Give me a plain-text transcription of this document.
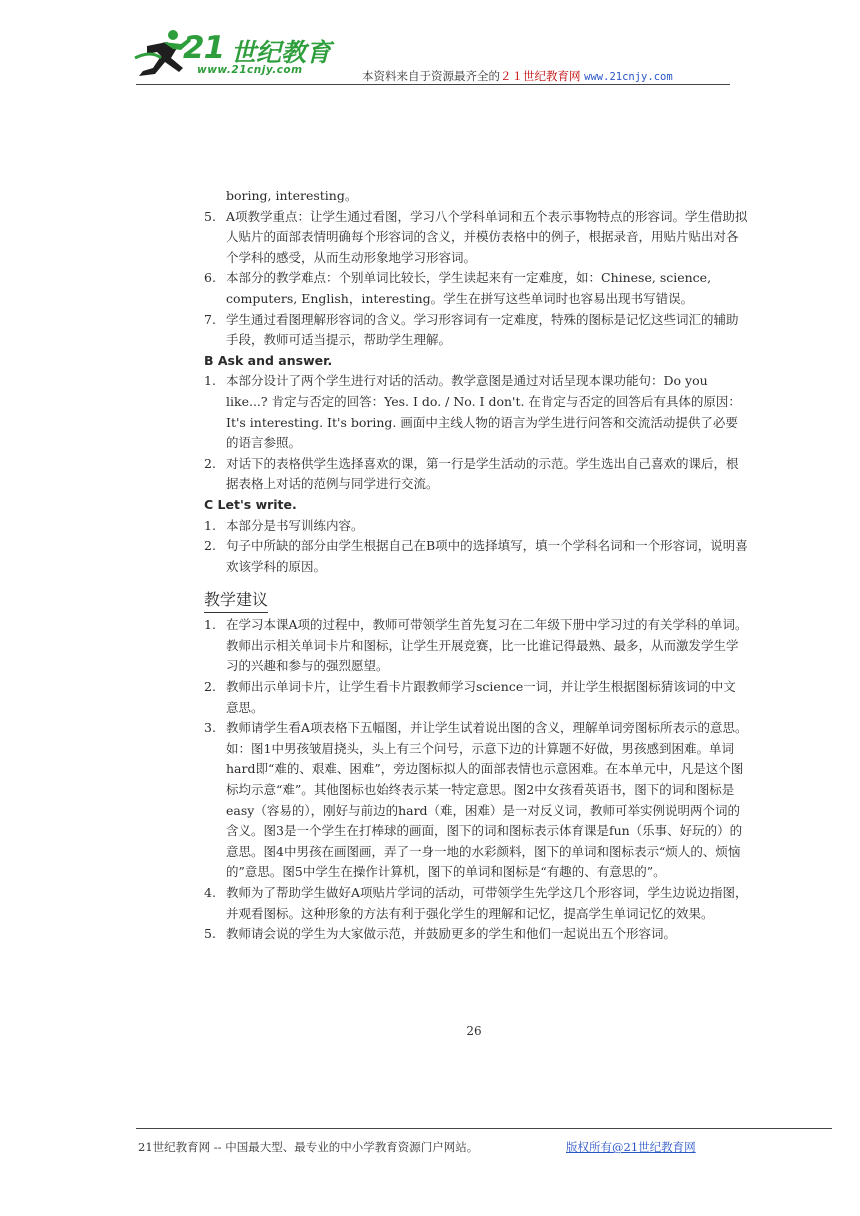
21 世纪教育
www.21cnjy.com	本资料来自于资源最齐全的２１世纪教育网 www.21cnjy.com

boring, interesting。

5. A项教学重点：让学生通过看图，学习八个学科单词和五个表示事物特点的形容词。学生借助拟人贴片的面部表情明确每个形容词的含义，并模仿表格中的例子，根据录音，用贴片贴出对各个学科的感受，从而生动形象地学习形容词。
6. 本部分的教学难点：个别单词比较长，学生读起来有一定难度，如：Chinese, science, computers, English，interesting。学生在拼写这些单词时也容易出现书写错误。
7. 学生通过看图理解形容词的含义。学习形容词有一定难度，特殊的图标是记忆这些词汇的辅助手段，教师可适当提示，帮助学生理解。

B Ask and answer.

1. 本部分设计了两个学生进行对话的活动。教学意图是通过对话呈现本课功能句：Do you like...? 肯定与否定的回答：Yes. I do. / No. I don't. 在肯定与否定的回答后有具体的原因：It's interesting. It's boring. 画面中主线人物的语言为学生进行问答和交流活动提供了必要的语言参照。
2. 对话下的表格供学生选择喜欢的课，第一行是学生活动的示范。学生选出自己喜欢的课后，根据表格上对话的范例与同学进行交流。

C Let's write.

1. 本部分是书写训练内容。
2. 句子中所缺的部分由学生根据自己在B项中的选择填写，填一个学科名词和一个形容词，说明喜欢该学科的原因。
教学建议
1. 在学习本课A项的过程中，教师可带领学生首先复习在二年级下册中学习过的有关学科的单词。教师出示相关单词卡片和图标，让学生开展竞赛，比一比谁记得最熟、最多，从而激发学生学习的兴趣和参与的强烈愿望。
2. 教师出示单词卡片，让学生看卡片跟教师学习science一词，并让学生根据图标猜该词的中文意思。
3. 教师请学生看A项表格下五幅图，并让学生试着说出图的含义，理解单词旁图标所表示的意思。如：图1中男孩皱眉挠头，头上有三个问号，示意下边的计算题不好做，男孩感到困难。单词hard即“难的、艰难、困难”，旁边图标拟人的面部表情也示意困难。在本单元中，凡是这个图标均示意“难”。其他图标也始终表示某一特定意思。图2中女孩看英语书，图下的词和图标是easy（容易的），刚好与前边的hard（难，困难）是一对反义词，教师可举实例说明两个词的含义。图3是一个学生在打棒球的画面，图下的词和图标表示体育课是fun（乐事、好玩的）的意思。图4中男孩在画图画，弄了一身一地的水彩颜料，图下的单词和图标表示“烦人的、烦恼的”意思。图5中学生在操作计算机，图下的单词和图标是“有趣的、有意思的”。
4. 教师为了帮助学生做好A项贴片学词的活动，可带领学生先学这几个形容词，学生边说边指图，并观看图标。这种形象的方法有利于强化学生的理解和记忆，提高学生单词记忆的效果。
5. 教师请会说的学生为大家做示范，并鼓励更多的学生和他们一起说出五个形容词。
26
21世纪教育网 -- 中国最大型、最专业的中小学教育资源门户网站。	版权所有@21世纪教育网
